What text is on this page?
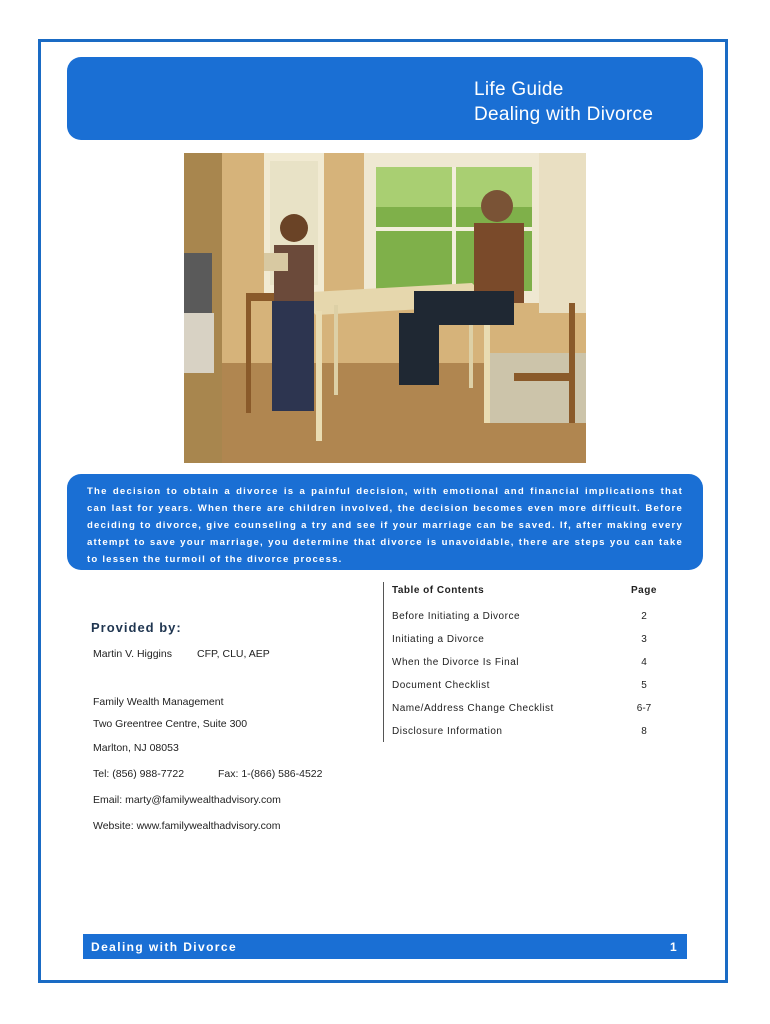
Life Guide
Dealing with Divorce

The decision to obtain a divorce is a painful decision, with emotional and financial implications that can last for years. When there are children involved, the decision becomes even more difficult. Before deciding to divorce, give counseling a try and see if your marriage can be saved. If, after making every attempt to save your marriage, you determine that divorce is unavoidable, there are steps you can take to lessen the turmoil of the divorce process.

Provided by:
Martin V. Higgins CFP, CLU, AEP
Family Wealth Management
Two Greentree Centre, Suite 300
Marlton, NJ 08053
Tel: (856) 988-7722	Fax: 1-(866) 586-4522
Email: marty@familywealthadvisory.com
Website: www.familywealthadvisory.com
Table of Contents	Page
Before Initiating a Divorce	2
Initiating a Divorce	3
When the Divorce Is Final	4
Document Checklist	5
Name/Address Change Checklist	6-7
Disclosure Information	8
Dealing with Divorce	1
